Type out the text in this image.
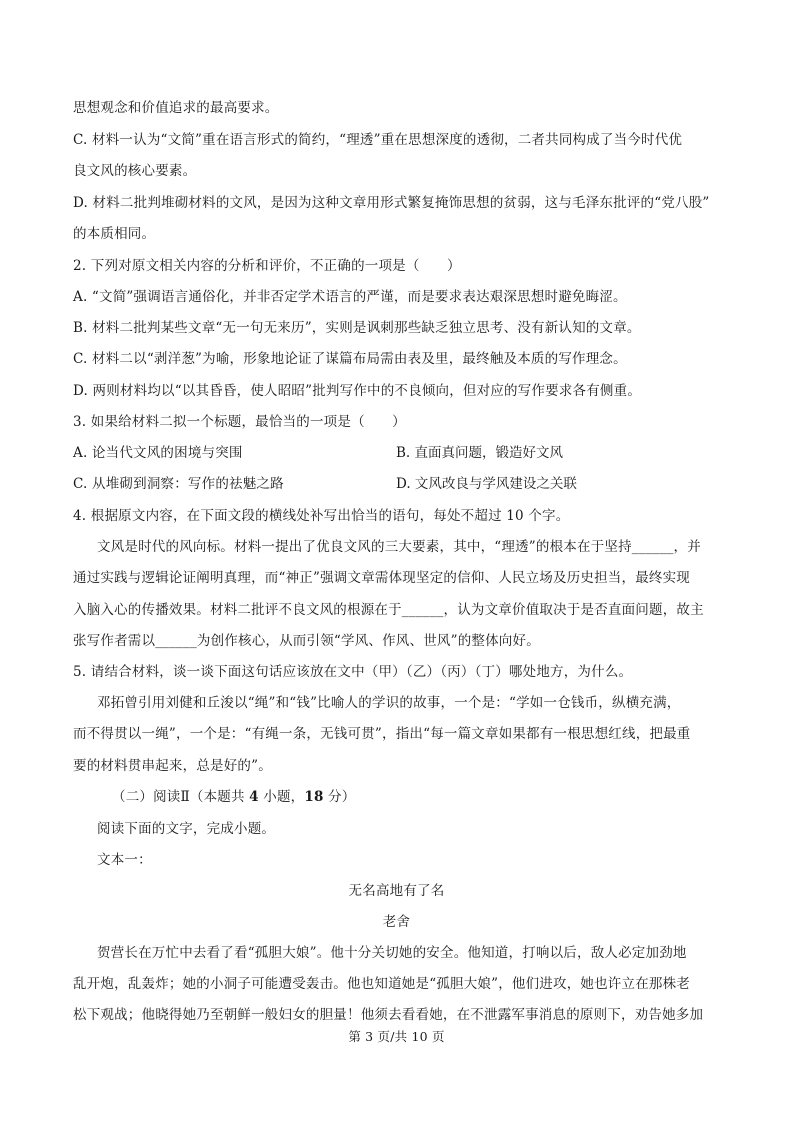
思想观念和价值追求的最高要求。
C. 材料一认为“文简”重在语言形式的简约，“理透”重在思想深度的透彻，二者共同构成了当今时代优
良文风的核心要素。
D. 材料二批判堆砌材料的文风，是因为这种文章用形式繁复掩饰思想的贫弱，这与毛泽东批评的“党八股”
的本质相同。
2. 下列对原文相关内容的分析和评价，不正确的一项是（　　）
A. “文简”强调语言通俗化，并非否定学术语言的严谨，而是要求表达艰深思想时避免晦涩。
B. 材料二批判某些文章“无一句无来历”，实则是讽刺那些缺乏独立思考、没有新认知的文章。
C. 材料二以“剥洋葱”为喻，形象地论证了谋篇布局需由表及里，最终触及本质的写作理念。
D. 两则材料均以“以其昏昏，使人昭昭”批判写作中的不良倾向，但对应的写作要求各有侧重。
3. 如果给材料二拟一个标题，最恰当的一项是（　　）
A. 论当代文风的困境与突围	B. 直面真问题，锻造好文风
C. 从堆砌到洞察：写作的祛魅之路	D. 文风改良与学风建设之关联
4. 根据原文内容，在下面文段的横线处补写出恰当的语句，每处不超过 10 个字。
文风是时代的风向标。材料一提出了优良文风的三大要素，其中，“理透”的根本在于坚持______，并
通过实践与逻辑论证阐明真理，而“神正”强调文章需体现坚定的信仰、人民立场及历史担当，最终实现
入脑入心的传播效果。材料二批评不良文风的根源在于______，认为文章价值取决于是否直面问题，故主
张写作者需以______为创作核心，从而引领“学风、作风、世风”的整体向好。
5. 请结合材料，谈一谈下面这句话应该放在文中（甲）（乙）（丙）（丁）哪处地方，为什么。
邓拓曾引用刘健和丘浚以“绳”和“钱”比喻人的学识的故事，一个是：“学如一仓钱币，纵横充满，
而不得贯以一绳”，一个是：“有绳一条，无钱可贯”，指出“每一篇文章如果都有一根思想红线，把最重
要的材料贯串起来，总是好的”。
（二）阅读Ⅱ（本题共 4 小题，18 分）
阅读下面的文字，完成小题。
文本一：
无名高地有了名
老舍
贺营长在万忙中去看了看“孤胆大娘”。他十分关切她的安全。他知道，打响以后，敌人必定加劲地
乱开炮，乱轰炸；她的小洞子可能遭受轰击。他也知道她是“孤胆大娘”，他们进攻，她也许立在那株老
松下观战；他晓得她乃至朝鲜一般妇女的胆量！他须去看看她，在不泄露军事消息的原则下，劝告她多加
第 3 页/共 10 页
